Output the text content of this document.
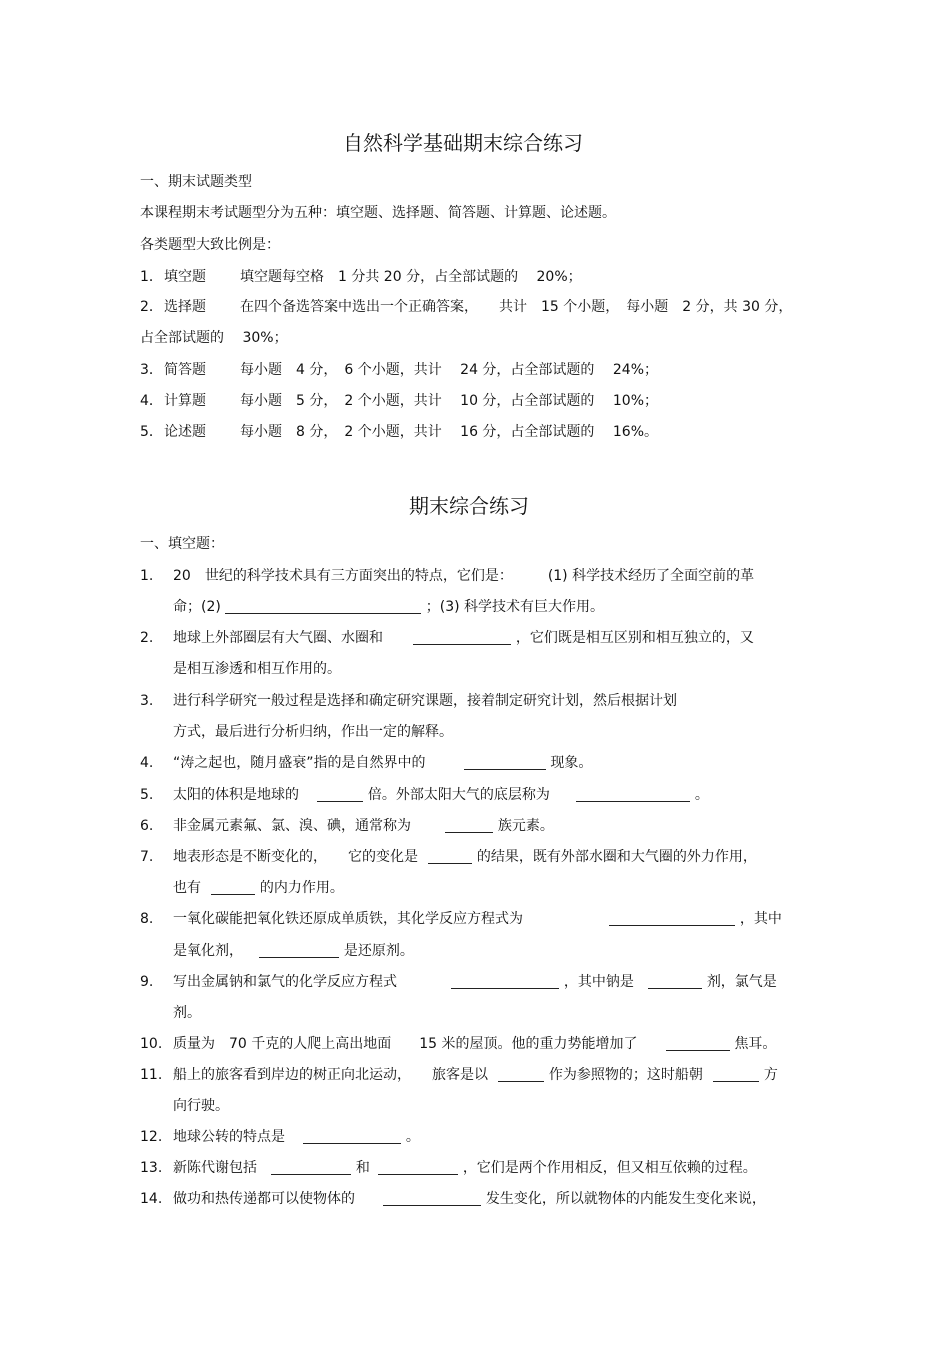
自然科学基础期末综合练习
一、期末试题类型
本课程期末考试题型分为五种：填空题、选择题、简答题、计算题、论述题。
各类题型大致比例是：
1． 填空题 填空题每空格　1 分共 20 分，占全部试题的　 20%；
2． 选择题 在四个备选答案中选出一个正确答案，　　共计　15 个小题，　每小题　2 分，共 30 分，
占全部试题的　 30%；
3． 简答题 每小题　4 分，　6 个小题，共计　 24 分，占全部试题的　 24%；
4． 计算题 每小题　5 分，　2 个小题，共计　 10 分，占全部试题的　 10%；
5． 论述题 每小题　8 分，　2 个小题，共计　 16 分，占全部试题的　 16%。
期末综合练习
一、填空题：
1. 20　世纪的科学技术具有三方面突出的特点，它们是：　　　(1) 科学技术经历了全面空前的革
命；(2)	；(3) 科学技术有巨大作用。
2. 地球上外部圈层有大气圈、水圈和	，它们既是相互区别和相互独立的，又
是相互渗透和相互作用的。
3. 进行科学研究一般过程是选择和确定研究课题，接着制定研究计划，然后根据计划
方式，最后进行分析归纳，作出一定的解释。
4. “涛之起也，随月盛衰”指的是自然界中的	现象。
5. 太阳的体积是地球的	倍。外部太阳大气的底层称为	。
6. 非金属元素氟、氯、溴、碘，通常称为	族元素。
7. 地表形态是不断变化的，　　它的变化是	的结果，既有外部水圈和大气圈的外力作用，
也有	的内力作用。
8. 一氧化碳能把氧化铁还原成单质铁，其化学反应方程式为	，其中
是氧化剂，	是还原剂。
9. 写出金属钠和氯气的化学反应方程式	，其中钠是	剂，氯气是
剂。
10. 质量为　70 千克的人爬上高出地面　　15 米的屋顶。他的重力势能增加了	焦耳。
11. 船上的旅客看到岸边的树正向北运动，　　旅客是以	作为参照物的；这时船朝	方
向行驶。
12. 地球公转的特点是	。
13. 新陈代谢包括	和	，它们是两个作用相反，但又相互依赖的过程。
14. 做功和热传递都可以使物体的	发生变化，所以就物体的内能发生变化来说，
